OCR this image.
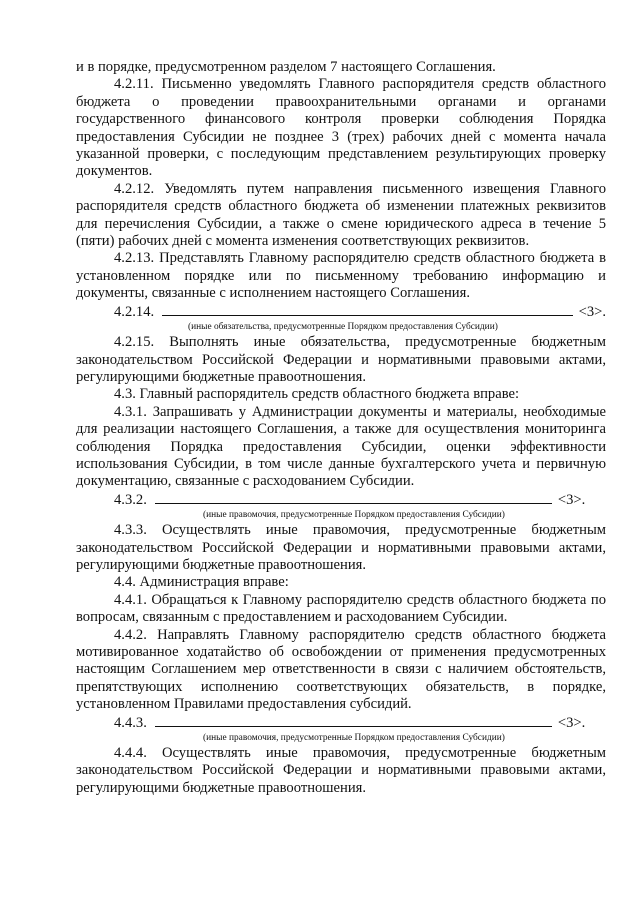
и в порядке, предусмотренном разделом 7 настоящего Соглашения.

4.2.11. Письменно уведомлять Главного распорядителя средств областного бюджета о проведении правоохранительными органами и органами государственного финансового контроля проверки соблюдения Порядка предоставления Субсидии не позднее 3 (трех) рабочих дней с момента начала указанной проверки, с последующим представлением результирующих проверку документов.

4.2.12. Уведомлять путем направления письменного извещения Главного распорядителя средств областного бюджета об изменении платежных реквизитов для перечисления Субсидии, а также о смене юридического адреса в течение 5 (пяти) рабочих дней с момента изменения соответствующих реквизитов.

4.2.13. Представлять Главному распорядителю средств областного бюджета в установленном порядке или по письменному требованию информацию и документы, связанные с исполнением настоящего Соглашения.

4.2.14.	<3>.

(иные обязательства, предусмотренные Порядком предоставления Субсидии)

4.2.15. Выполнять иные обязательства, предусмотренные бюджетным законодательством Российской Федерации и нормативными правовыми актами, регулирующими бюджетные правоотношения.

4.3. Главный распорядитель средств областного бюджета вправе:

4.3.1. Запрашивать у Администрации документы и материалы, необходимые для реализации настоящего Соглашения, а также для осуществления мониторинга соблюдения Порядка предоставления Субсидии, оценки эффективности использования Субсидии, в том числе данные бухгалтерского учета и первичную документацию, связанные с расходованием Субсидии.

4.3.2.	<3>.

(иные правомочия, предусмотренные Порядком предоставления Субсидии)

4.3.3. Осуществлять иные правомочия, предусмотренные бюджетным законодательством Российской Федерации и нормативными правовыми актами, регулирующими бюджетные правоотношения.

4.4. Администрация вправе:

4.4.1. Обращаться к Главному распорядителю средств областного бюджета по вопросам, связанным с предоставлением и расходованием Субсидии.

4.4.2. Направлять Главному распорядителю средств областного бюджета мотивированное ходатайство об освобождении от применения предусмотренных настоящим Соглашением мер ответственности в связи с наличием обстоятельств, препятствующих исполнению соответствующих обязательств, в порядке, установленном Правилами предоставления субсидий.

4.4.3.	<3>.

(иные правомочия, предусмотренные Порядком предоставления Субсидии)

4.4.4. Осуществлять иные правомочия, предусмотренные бюджетным законодательством Российской Федерации и нормативными правовыми актами, регулирующими бюджетные правоотношения.
